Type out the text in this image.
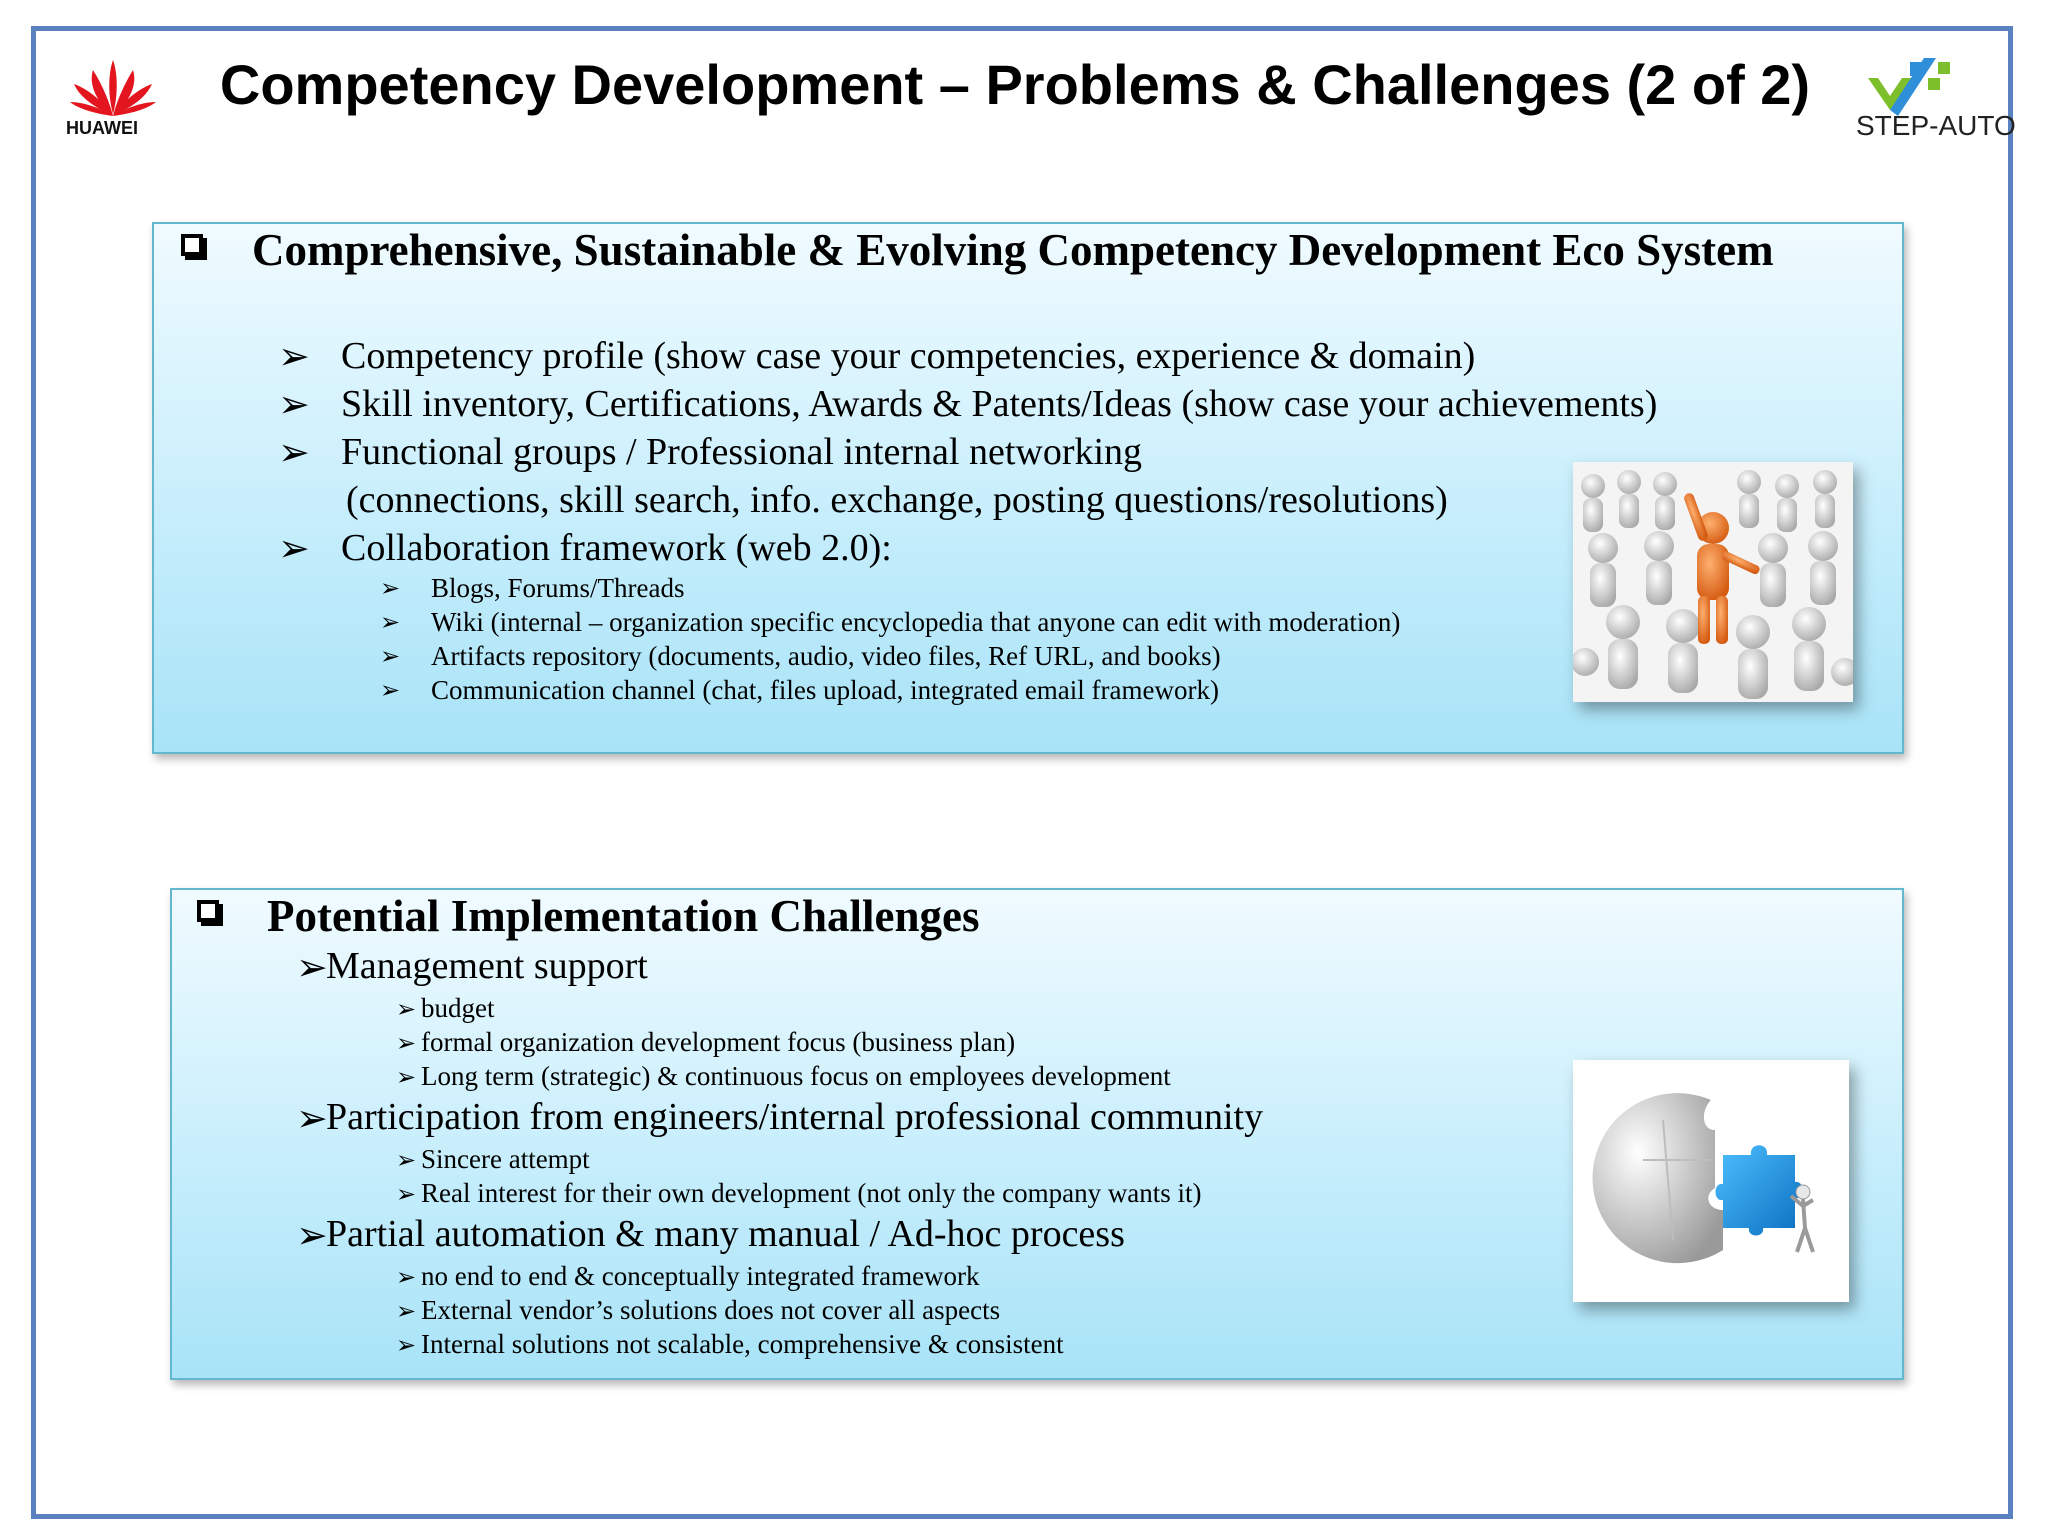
HUAWEI
Competency Development – Problems & Challenges (2 of 2)
STEP-AUTO
Comprehensive, Sustainable & Evolving Competency Development Eco System
➢ Competency profile (show case your competencies, experience & domain)
➢ Skill inventory, Certifications, Awards & Patents/Ideas (show case your achievements)
➢ Functional groups / Professional internal networking
(connections, skill search, info. exchange, posting questions/resolutions)
➢ Collaboration framework (web 2.0):
➢ Blogs, Forums/Threads
➢ Wiki (internal – organization specific encyclopedia that anyone can edit with moderation)
➢ Artifacts repository (documents, audio, video files, Ref URL, and books)
➢ Communication channel (chat, files upload, integrated email framework)
Potential Implementation Challenges
➢
Management support
➢ budget
➢ formal organization development focus (business plan)
➢ Long term (strategic) & continuous focus on employees development
➢
Participation from engineers/internal professional community
➢ Sincere attempt
➢ Real interest for their own development (not only the company wants it)
➢
Partial automation & many manual / Ad-hoc process
➢ no end to end & conceptually integrated framework
➢ External vendor’s solutions does not cover all aspects
➢ Internal solutions not scalable, comprehensive & consistent
